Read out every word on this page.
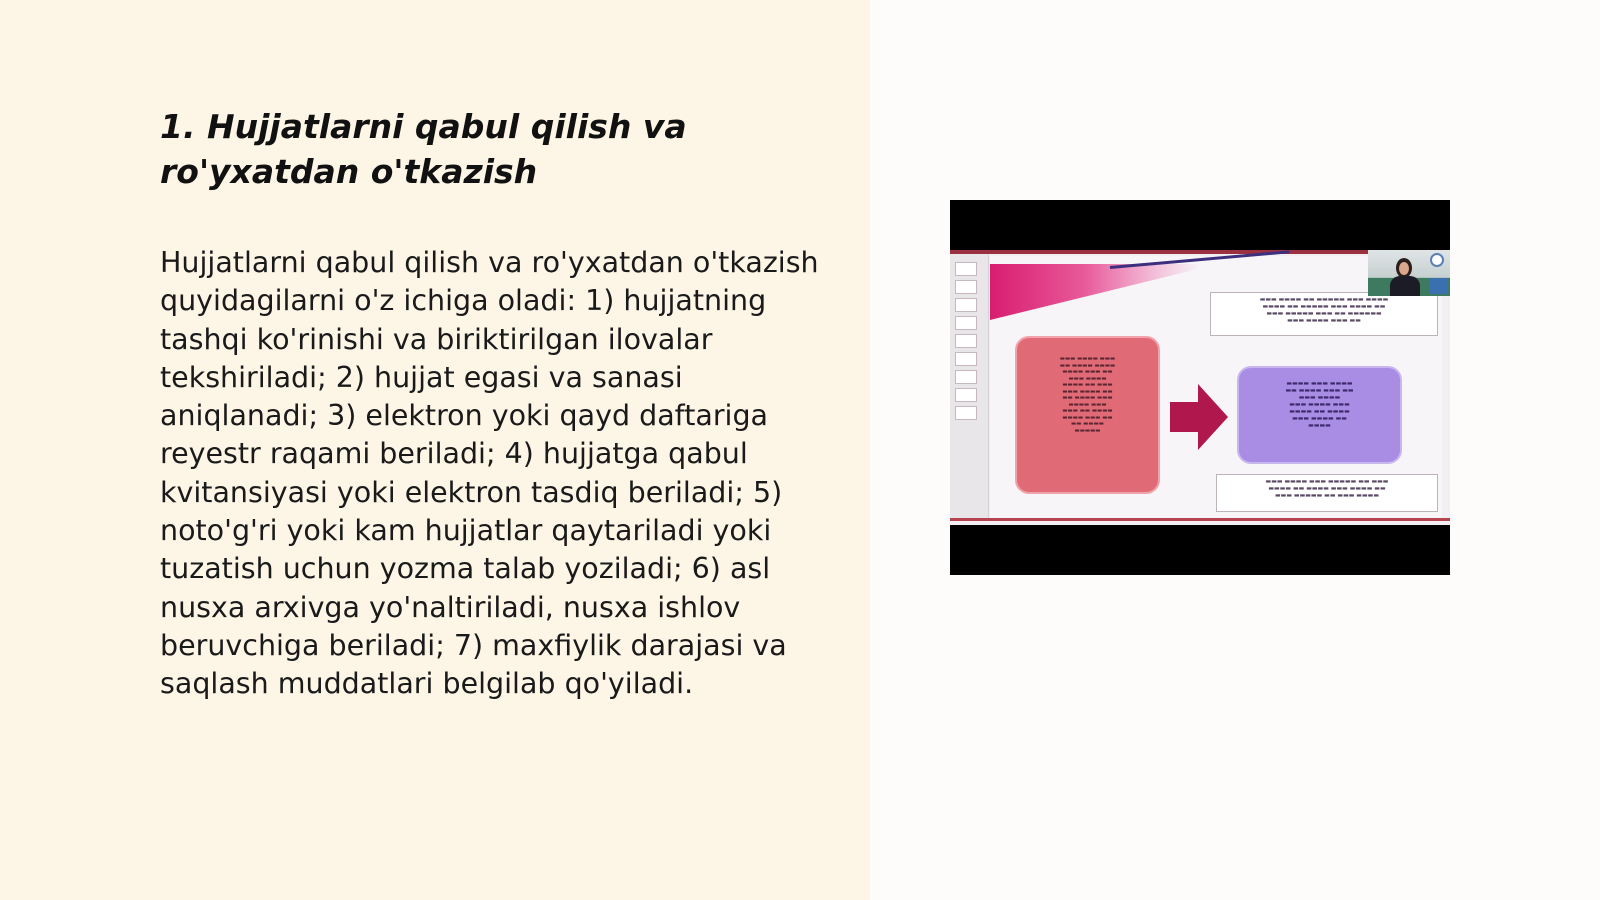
1. Hujjatlarni qabul qilish va
ro'yxatdan o'tkazish

Hujjatlarni qabul qilish va ro'yxatdan o'tkazish quyidagilarni o'z ichiga oladi: 1) hujjatning tashqi ko'rinishi va biriktirilgan ilovalar tekshiriladi; 2) hujjat egasi va sanasi aniqlanadi; 3) elektron yoki qayd daftariga reyestr raqami beriladi; 4) hujjatga qabul kvitansiyasi yoki elektron tasdiq beriladi; 5) noto'g'ri yoki kam hujjatlar qaytariladi yoki tuzatish uchun yozma talab yoziladi; 6) asl nusxa arxivga yo'naltiriladi, nusxa ishlov beruvchiga beriladi; 7) maxfiylik darajasi va saqlash muddatlari belgilab qo'yiladi.

▬▬▬ ▬▬▬▬ ▬▬ ▬▬▬▬▬ ▬▬▬ ▬▬▬▬
▬▬▬▬ ▬▬ ▬▬▬▬▬ ▬▬▬ ▬▬▬▬ ▬▬
▬▬▬ ▬▬▬▬▬ ▬▬▬ ▬▬ ▬▬▬▬▬▬
▬▬▬ ▬▬▬▬ ▬▬▬ ▬▬
▬▬▬ ▬▬▬▬ ▬▬▬
▬▬ ▬▬▬▬ ▬▬▬▬
▬▬▬▬ ▬▬▬ ▬▬
▬▬▬ ▬▬▬▬
▬▬▬▬ ▬▬ ▬▬▬
▬▬▬ ▬▬▬▬ ▬▬
▬▬ ▬▬▬▬ ▬▬▬
▬▬▬▬ ▬▬▬
▬▬▬ ▬▬ ▬▬▬▬
▬▬▬▬ ▬▬▬ ▬▬
▬▬ ▬▬▬▬
▬▬▬▬▬
▬▬▬▬ ▬▬▬ ▬▬▬▬
▬▬ ▬▬▬▬ ▬▬▬ ▬▬
▬▬▬ ▬▬▬▬
▬▬▬ ▬▬▬▬ ▬▬▬
▬▬▬▬ ▬▬ ▬▬▬▬
▬▬▬ ▬▬▬▬ ▬▬
▬▬▬▬
▬▬▬ ▬▬▬▬ ▬▬▬ ▬▬▬▬▬ ▬▬ ▬▬▬
▬▬▬▬ ▬▬ ▬▬▬▬ ▬▬▬ ▬▬▬▬ ▬▬
▬▬▬ ▬▬▬▬▬ ▬▬ ▬▬▬ ▬▬▬▬
